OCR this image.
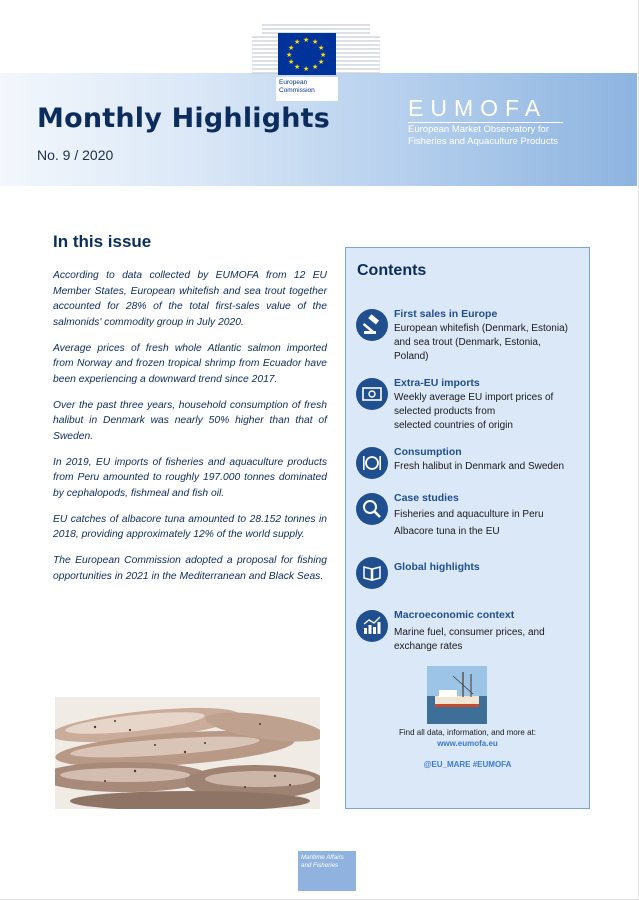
★ ★
★
★
★
★
★
★
★
★
★
★
European Commission
Monthly Highlights
No. 9 / 2020
EUMOFA
European Market Observatory for Fisheries and Aquaculture Products
In this issue

According to data collected by EUMOFA from 12 EU Member States, European whitefish and sea trout together accounted for 28% of the total first-sales value of the salmonids' commodity group in July 2020.

Average prices of fresh whole Atlantic salmon imported from Norway and frozen tropical shrimp from Ecuador have been experiencing a downward trend since 2017.

Over the past three years, household consumption of fresh halibut in Denmark was nearly 50% higher than that of Sweden.

In 2019, EU imports of fisheries and aquaculture products from Peru amounted to roughly 197.000 tonnes dominated by cephalopods, fishmeal and fish oil.

EU catches of albacore tuna amounted to 28.152 tonnes in 2018, providing approximately 12% of the world supply.

The European Commission adopted a proposal for fishing opportunities in 2021 in the Mediterranean and Black Seas.

Contents
First sales in Europe
European whitefish (Denmark, Estonia)
and sea trout (Denmark, Estonia,
Poland)
Extra-EU imports
Weekly average EU import prices of
selected products from
selected countries of origin
Consumption
Fresh halibut in Denmark and Sweden
Case studies
Fisheries and aquaculture in Peru
Albacore tuna in the EU
Global highlights
Macroeconomic context
Marine fuel, consumer prices, and
exchange rates
Find all data, information, and more at:
www.eumofa.eu
@EU_MARE #EUMOFA
Maritime Affairs and Fisheries
